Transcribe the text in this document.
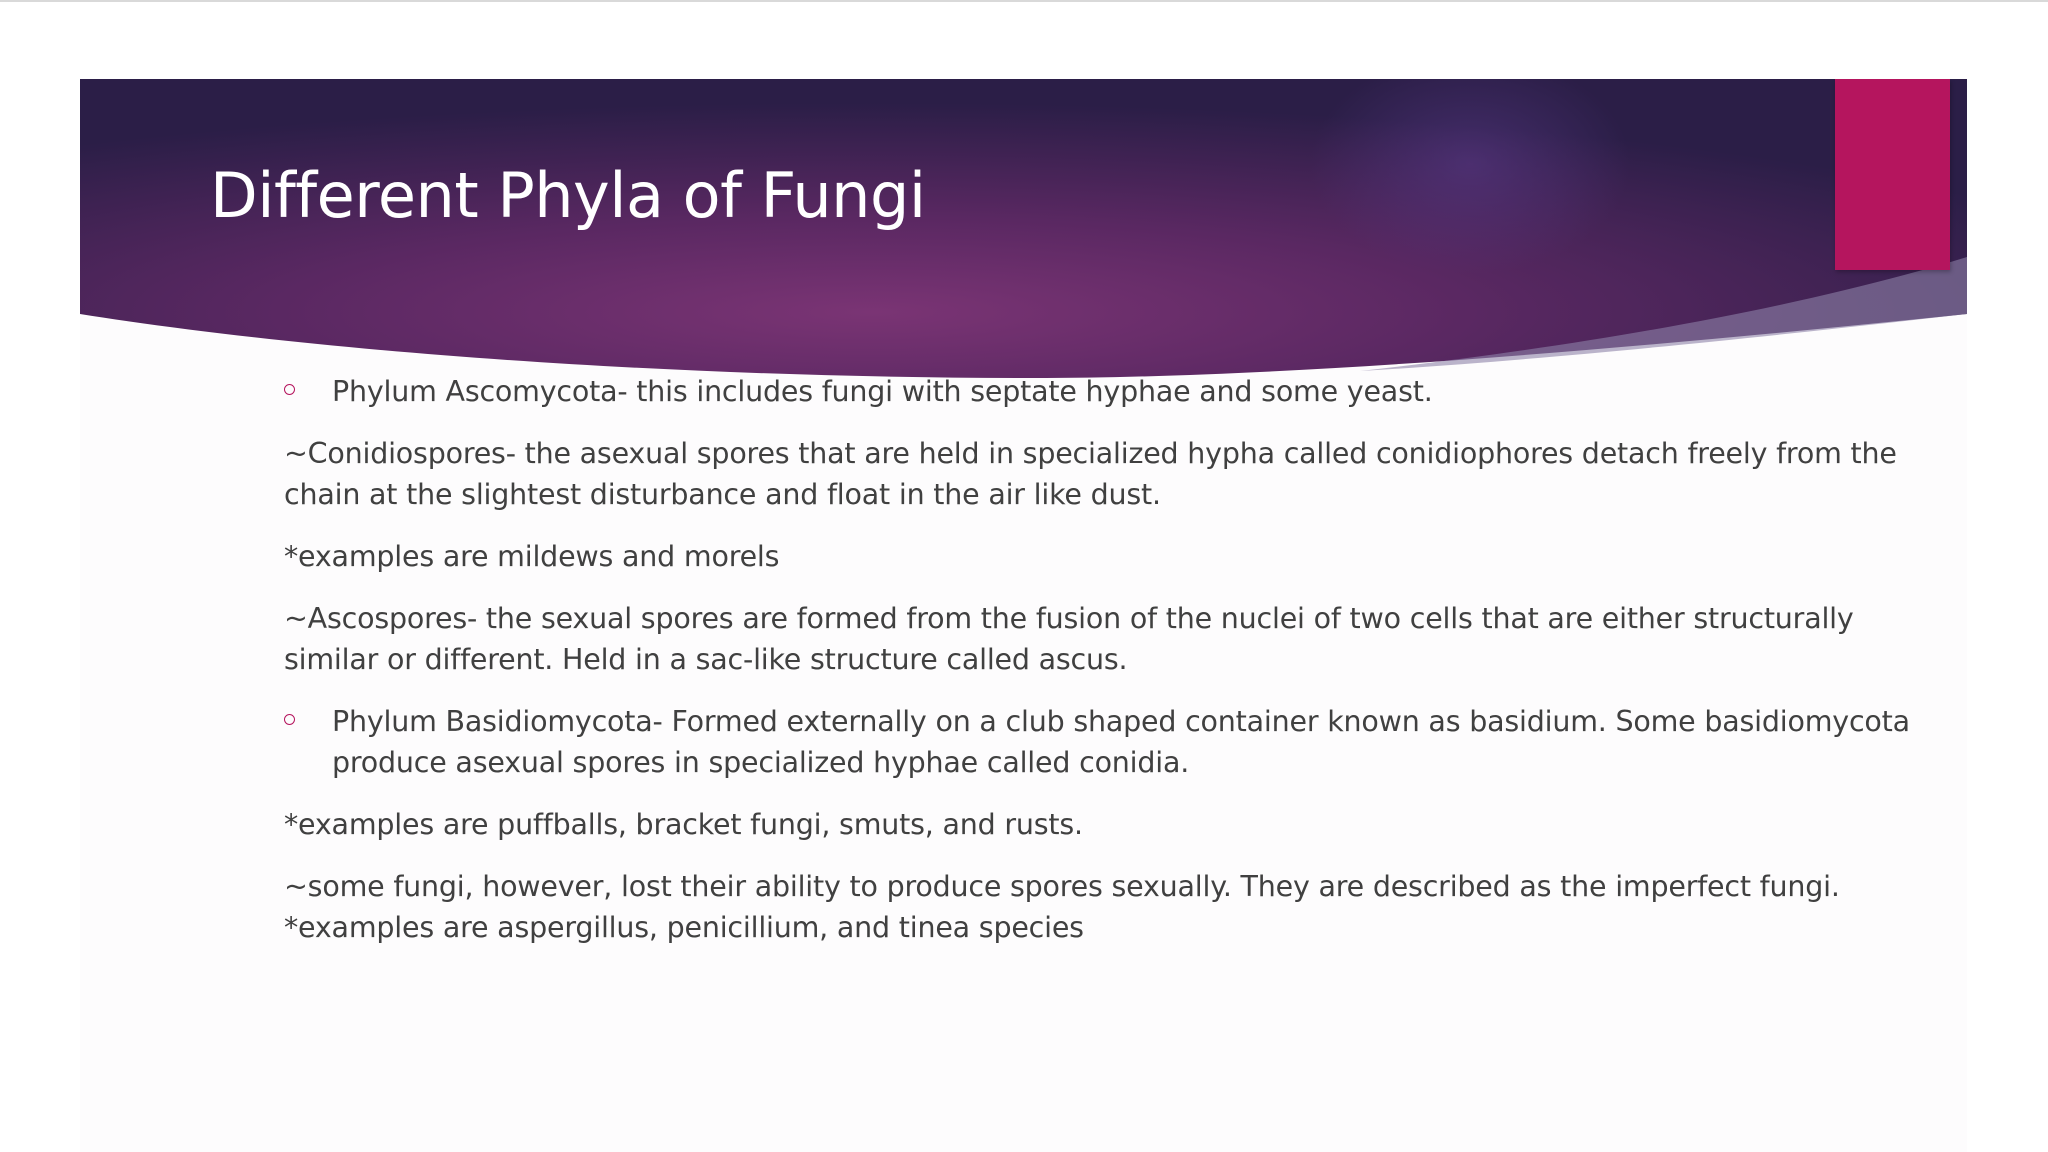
Different Phyla of Fungi
Phylum Ascomycota- this includes fungi with septate hyphae and some yeast.

~Conidiospores- the asexual spores that are held in specialized hypha called conidiophores detach freely from the chain at the slightest disturbance and float in the air like dust.

*examples are mildews and morels

~Ascospores- the sexual spores are formed from the fusion of the nuclei of two cells that are either structurally similar or different. Held in a sac-like structure called ascus.

Phylum Basidiomycota- Formed externally on a club shaped container known as basidium. Some basidiomycota produce asexual spores in specialized hyphae called conidia.

*examples are puffballs, bracket fungi, smuts, and rusts.

~some fungi, however, lost their ability to produce spores sexually. They are described as the imperfect fungi. *examples are aspergillus, penicillium, and tinea species
